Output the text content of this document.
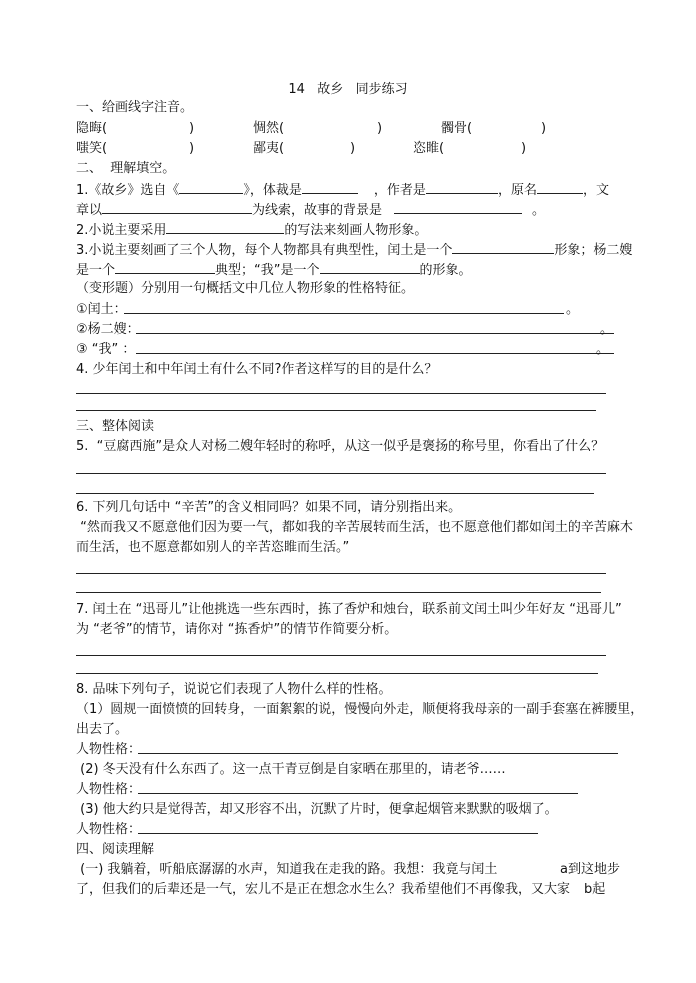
14   故乡   同步练习
一、给画线字注音。
隐晦(	)	惆然(	)	髑骨(	)
嗤笑(	)	鄙夷(	)	恣睢(	)
二、  理解填空。
1.《故乡》选自《	》，体裁是	，作者是	，原名	，文
章以	为线索，故事的背景是	。
2.小说主要采用	的写法来刻画人物形象。
3.小说主要刻画了三个人物，每个人物都具有典型性，闰土是一个	形象；杨二嫂
是一个	典型；“我”是一个	的形象。
（变形题）分别用一句概括文中几位人物形象的性格特征。
①闰土：	。
②杨二嫂：	。
③ “我” ：	。
4. 少年闰土和中年闰土有什么不同?作者这样写的目的是什么？
三、整体阅读
5.  “豆腐西施”是众人对杨二嫂年轻时的称呼，从这一似乎是褒扬的称号里，你看出了什么？
6. 下列几句话中 “辛苦”的含义相同吗？如果不同，请分别指出来。
“然而我又不愿意他们因为要一气，都如我的辛苦展转而生活，也不愿意他们都如闰土的辛苦麻木
而生活，也不愿意都如别人的辛苦恣睢而生活。”
7. 闰土在 “迅哥儿”让他挑选一些东西时，拣了香炉和烛台，联系前文闰土叫少年好友 “迅哥儿”
为 “老爷”的情节，请你对 “拣香炉”的情节作简要分析。
8. 品味下列句子，说说它们表现了人物什么样的性格。
（1）圆规一面愤愤的回转身，一面絮絮的说，慢慢向外走，顺便将我母亲的一副手套塞在裤腰里，
出去了。
人物性格：
(2) 冬天没有什么东西了。这一点干青豆倒是自家晒在那里的，请老爷……
人物性格：
(3) 他大约只是觉得苦，却又形容不出，沉默了片时，便拿起烟管来默默的吸烟了。
人物性格：
四、阅读理解
(一) 我躺着，听船底潺潺的水声，知道我在走我的路。我想：我竟与闰土	a到这地步
了，但我们的后辈还是一气，宏儿不是正在想念水生么？我希望他们不再像我，又大家 b起
